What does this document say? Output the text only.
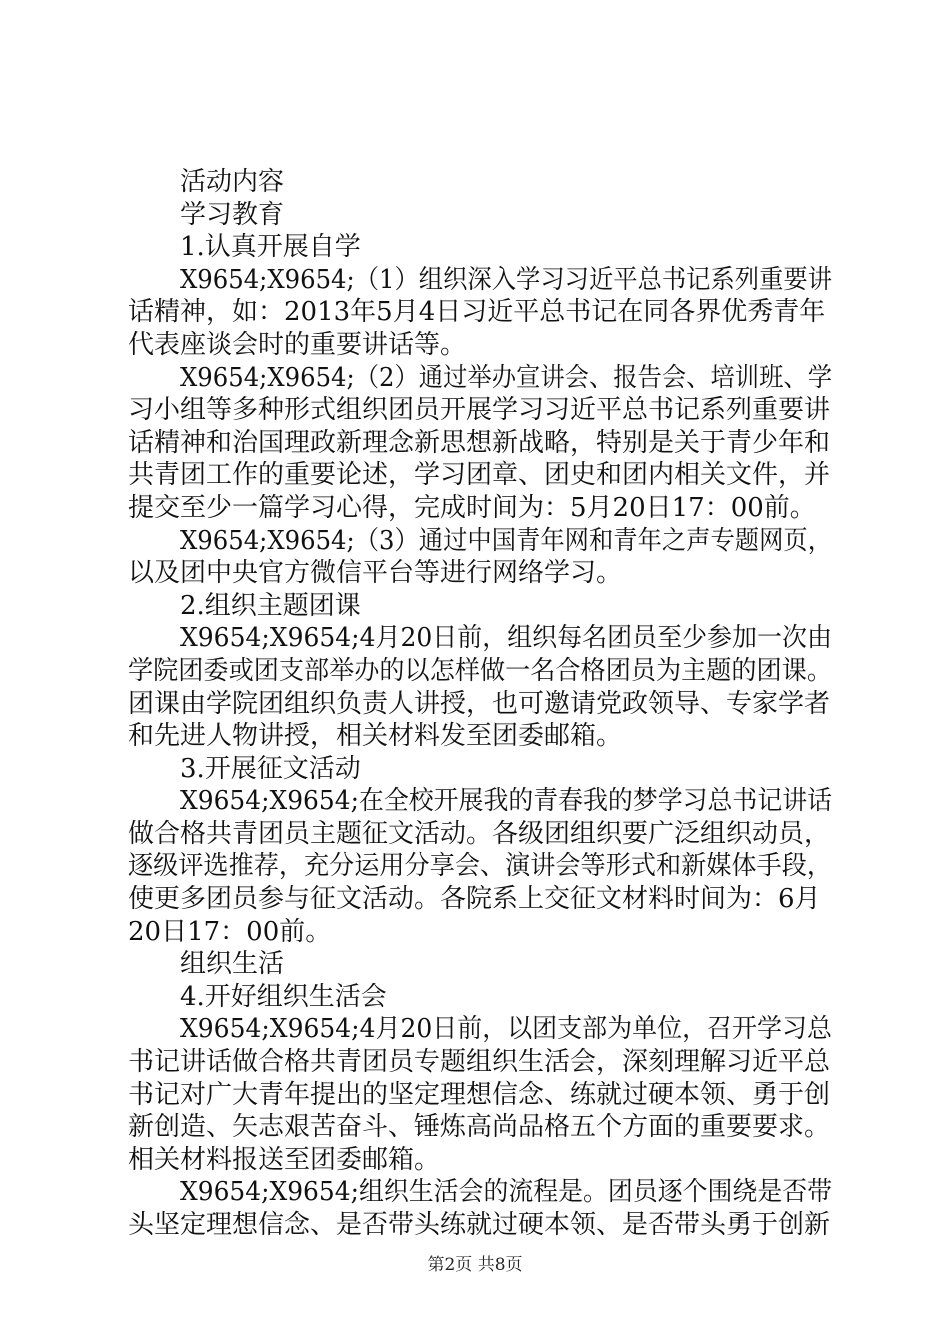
活动内容
学习教育
1.认真开展自学
X9654;X9654;（1）组织深入学习习近平总书记系列重要讲
话精神，如：2013年5月4日习近平总书记在同各界优秀青年
代表座谈会时的重要讲话等。
X9654;X9654;（2）通过举办宣讲会、报告会、培训班、学
习小组等多种形式组织团员开展学习习近平总书记系列重要讲
话精神和治国理政新理念新思想新战略，特别是关于青少年和
共青团工作的重要论述，学习团章、团史和团内相关文件，并
提交至少一篇学习心得，完成时间为：5月20日17：00前。
X9654;X9654;（3）通过中国青年网和青年之声专题网页，
以及团中央官方微信平台等进行网络学习。
2.组织主题团课
X9654;X9654;4月20日前，组织每名团员至少参加一次由
学院团委或团支部举办的以怎样做一名合格团员为主题的团课。
团课由学院团组织负责人讲授，也可邀请党政领导、专家学者
和先进人物讲授，相关材料发至团委邮箱。
3.开展征文活动
X9654;X9654;在全校开展我的青春我的梦学习总书记讲话
做合格共青团员主题征文活动。各级团组织要广泛组织动员，
逐级评选推荐，充分运用分享会、演讲会等形式和新媒体手段，
使更多团员参与征文活动。各院系上交征文材料时间为：6月
20日17：00前。
组织生活
4.开好组织生活会
X9654;X9654;4月20日前，以团支部为单位，召开学习总
书记讲话做合格共青团员专题组织生活会，深刻理解习近平总
书记对广大青年提出的坚定理想信念、练就过硬本领、勇于创
新创造、矢志艰苦奋斗、锤炼高尚品格五个方面的重要要求。
相关材料报送至团委邮箱。
X9654;X9654;组织生活会的流程是。团员逐个围绕是否带
头坚定理想信念、是否带头练就过硬本领、是否带头勇于创新
第2页 共8页
